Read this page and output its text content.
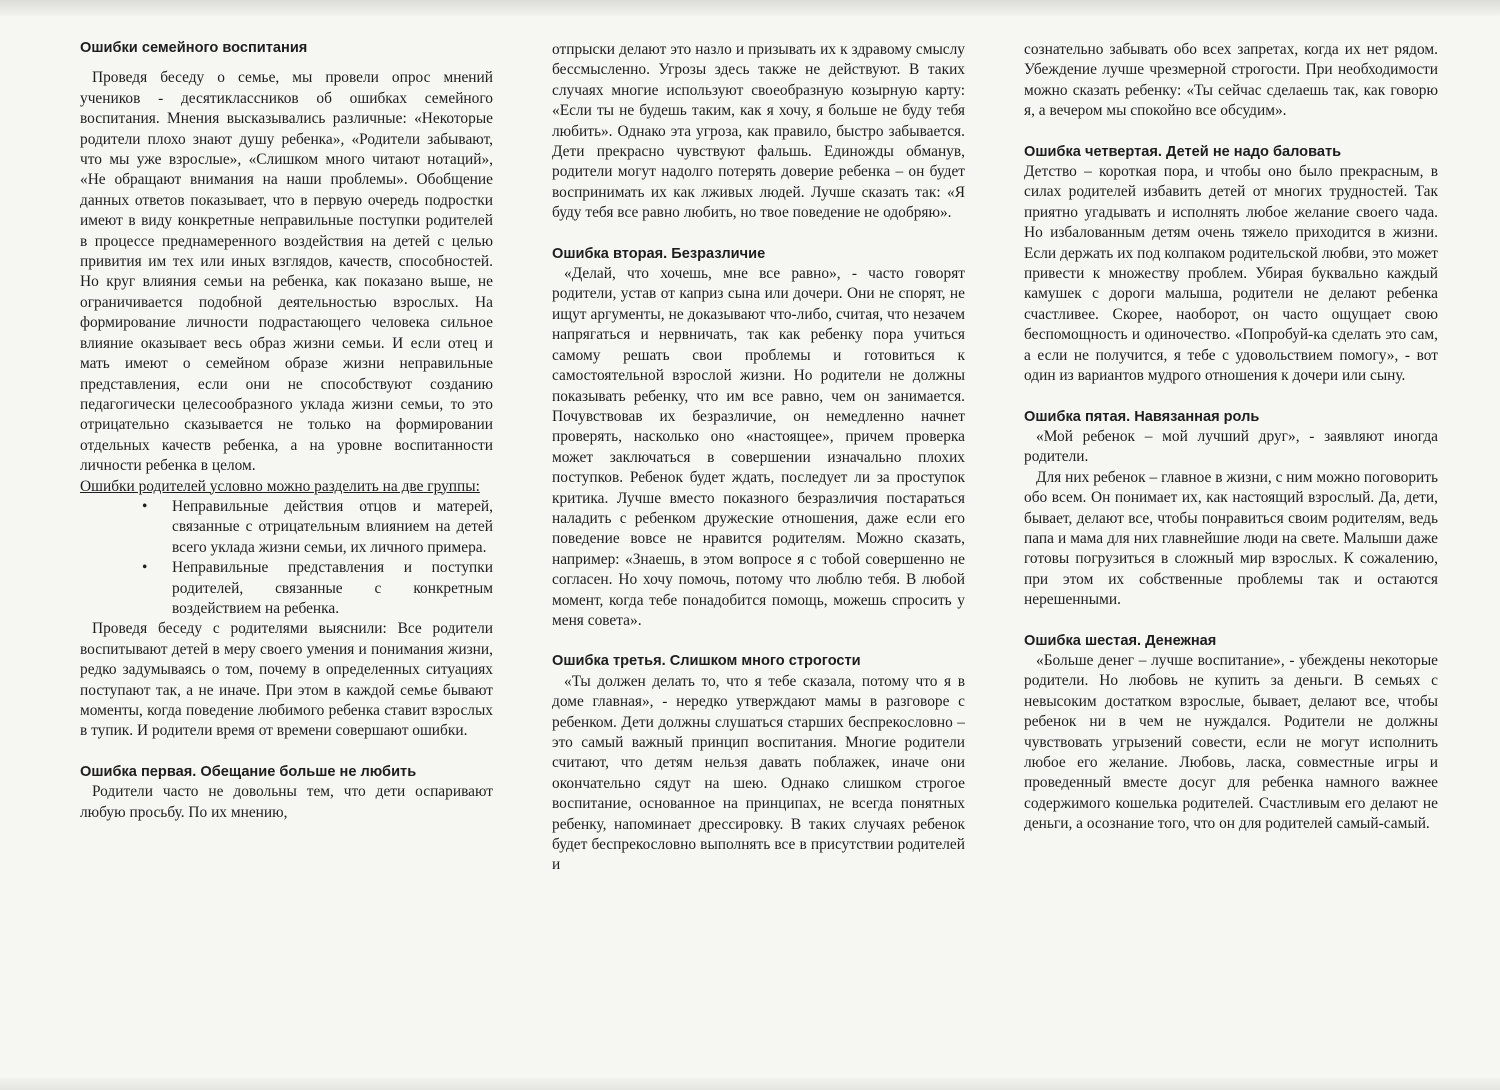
Ошибки семейного воспитания

Проведя беседу о семье, мы провели опрос мнений учеников - десятиклассников об ошибках семейного воспитания. Мнения высказывались различные: «Некоторые родители плохо знают душу ребенка», «Родители забывают, что мы уже взрослые», «Слишком много читают нотаций», «Не обращают внимания на наши проблемы». Обобщение данных ответов показывает, что в первую очередь подростки имеют в виду конкретные неправильные поступки родителей в процессе преднамеренного воздействия на детей с целью привития им тех или иных взглядов, качеств, способностей. Но круг влияния семьи на ребенка, как показано выше, не ограничивается подобной деятельностью взрослых. На формирование личности подрастающего человека сильное влияние оказывает весь образ жизни семьи. И если отец и мать имеют о семейном образе жизни неправильные представления, если они не способствуют созданию педагогически целесообразного уклада жизни семьи, то это отрицательно сказывается не только на формировании отдельных качеств ребенка, а на уровне воспитанности личности ребенка в целом.

Ошибки родителей условно можно разделить на две группы:

• Неправильные действия отцов и матерей, связанные с отрицательным влиянием на детей всего уклада жизни семьи, их личного примера.
• Неправильные представления и поступки родителей, связанные с конкретным воздействием на ребенка.

Проведя беседу с родителями выяснили: Все родители воспитывают детей в меру своего умения и понимания жизни, редко задумываясь о том, почему в определенных ситуациях поступают так, а не иначе. При этом в каждой семье бывают моменты, когда поведение любимого ребенка ставит взрослых в тупик. И родители время от времени совершают ошибки.

Ошибка первая. Обещание больше не любить

Родители часто не довольны тем, что дети оспаривают любую просьбу. По их мнению,

отпрыски делают это назло и призывать их к здравому смыслу бессмысленно. Угрозы здесь также не действуют. В таких случаях многие используют своеобразную козырную карту: «Если ты не будешь таким, как я хочу, я больше не буду тебя любить». Однако эта угроза, как правило, быстро забывается. Дети прекрасно чувствуют фальшь. Единожды обманув, родители могут надолго потерять доверие ребенка – он будет воспринимать их как лживых людей. Лучше сказать так: «Я буду тебя все равно любить, но твое поведение не одобряю».

Ошибка вторая. Безразличие

«Делай, что хочешь, мне все равно», - часто говорят родители, устав от каприз сына или дочери. Они не спорят, не ищут аргументы, не доказывают что-либо, считая, что незачем напрягаться и нервничать, так как ребенку пора учиться самому решать свои проблемы и готовиться к самостоятельной взрослой жизни. Но родители не должны показывать ребенку, что им все равно, чем он занимается. Почувствовав их безразличие, он немедленно начнет проверять, насколько оно «настоящее», причем проверка может заключаться в совершении изначально плохих поступков. Ребенок будет ждать, последует ли за проступок критика. Лучше вместо показного безразличия постараться наладить с ребенком дружеские отношения, даже если его поведение вовсе не нравится родителям. Можно сказать, например: «Знаешь, в этом вопросе я с тобой совершенно не согласен. Но хочу помочь, потому что люблю тебя. В любой момент, когда тебе понадобится помощь, можешь спросить у меня совета».

Ошибка третья. Слишком много строгости

«Ты должен делать то, что я тебе сказала, потому что я в доме главная», - нередко утверждают мамы в разговоре с ребенком. Дети должны слушаться старших беспрекословно – это самый важный принцип воспитания. Многие родители считают, что детям нельзя давать поблажек, иначе они окончательно сядут на шею. Однако слишком строгое воспитание, основанное на принципах, не всегда понятных ребенку, напоминает дрессировку. В таких случаях ребенок будет беспрекословно выполнять все в присутствии родителей и

сознательно забывать обо всех запретах, когда их нет рядом. Убеждение лучше чрезмерной строгости. При необходимости можно сказать ребенку: «Ты сейчас сделаешь так, как говорю я, а вечером мы спокойно все обсудим».

Ошибка четвертая. Детей не надо баловать

Детство – короткая пора, и чтобы оно было прекрасным, в силах родителей избавить детей от многих трудностей. Так приятно угадывать и исполнять любое желание своего чада. Но избалованным детям очень тяжело приходится в жизни. Если держать их под колпаком родительской любви, это может привести к множеству проблем. Убирая буквально каждый камушек с дороги малыша, родители не делают ребенка счастливее. Скорее, наоборот, он часто ощущает свою беспомощность и одиночество. «Попробуй-ка сделать это сам, а если не получится, я тебе с удовольствием помогу», - вот один из вариантов мудрого отношения к дочери или сыну.

Ошибка пятая. Навязанная роль

«Мой ребенок – мой лучший друг», - заявляют иногда родители.

Для них ребенок – главное в жизни, с ним можно поговорить обо всем. Он понимает их, как настоящий взрослый. Да, дети, бывает, делают все, чтобы понравиться своим родителям, ведь папа и мама для них главнейшие люди на свете. Малыши даже готовы погрузиться в сложный мир взрослых. К сожалению, при этом их собственные проблемы так и остаются нерешенными.

Ошибка шестая. Денежная

«Больше денег – лучше воспитание», - убеждены некоторые родители. Но любовь не купить за деньги. В семьях с невысоким достатком взрослые, бывает, делают все, чтобы ребенок ни в чем не нуждался. Родители не должны чувствовать угрызений совести, если не могут исполнить любое его желание. Любовь, ласка, совместные игры и проведенный вместе досуг для ребенка намного важнее содержимого кошелька родителей. Счастливым его делают не деньги, а осознание того, что он для родителей самый-самый.
